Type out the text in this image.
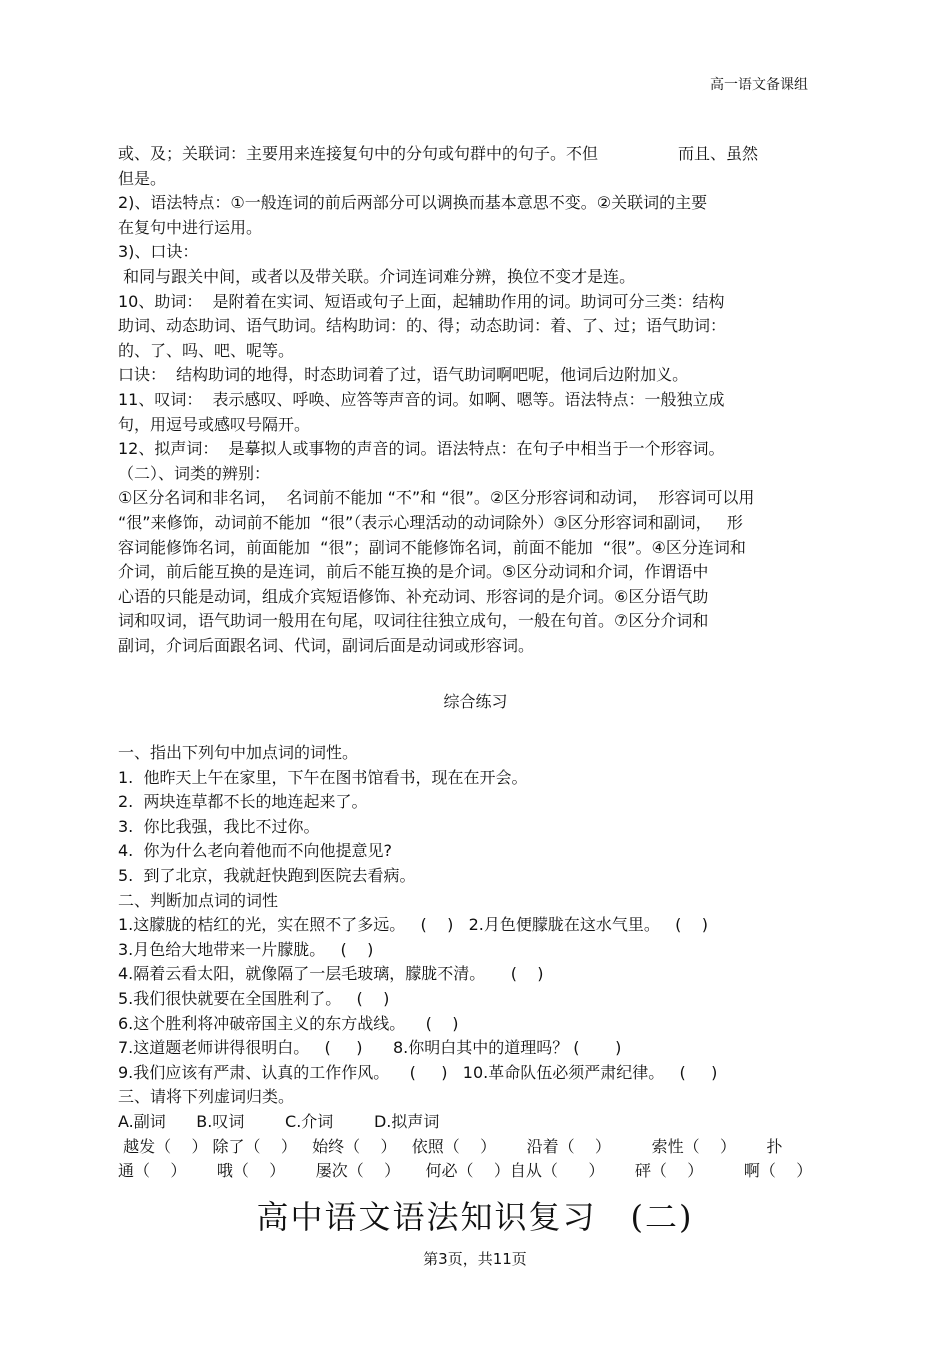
高一语文备课组

或、及；关联词：主要用来连接复句中的分句或句群中的句子。不但　　　　　而且、虽然

但是。

2)、语法特点：①一般连词的前后两部分可以调换而基本意思不变。②关联词的主要

在复句中进行运用。

3)、口诀：

和同与跟关中间，或者以及带关联。介词连词难分辨，换位不变才是连。

10、助词：  是附着在实词、短语或句子上面，起辅助作用的词。助词可分三类：结构

助词、动态助词、语气助词。结构助词：的、得；动态助词：着、了、过；语气助词：

的、了、吗、吧、呢等。

口诀：  结构助词的地得，时态助词着了过，语气助词啊吧呢，他词后边附加义。

11、叹词：  表示感叹、呼唤、应答等声音的词。如啊、嗯等。语法特点：一般独立成

句，用逗号或感叹号隔开。

12、拟声词：  是摹拟人或事物的声音的词。语法特点：在句子中相当于一个形容词。

（二）、词类的辨别：

①区分名词和非名词，  名词前不能加 “不”和 “很”。②区分形容词和动词，  形容词可以用

“很”来修饰，动词前不能加  “很”（表示心理活动的动词除外）③区分形容词和副词，   形

容词能修饰名词，前面能加  “很”；副词不能修饰名词，前面不能加  “很”。④区分连词和

介词，前后能互换的是连词，前后不能互换的是介词。⑤区分动词和介词，作谓语中

心语的只能是动词，组成介宾短语修饰、补充动词、形容词的是介词。⑥区分语气助

词和叹词，语气助词一般用在句尾，叹词往往独立成句，一般在句首。⑦区分介词和

副词，介词后面跟名词、代词，副词后面是动词或形容词。

综合练习

一、指出下列句中加点词的词性。

1.  他昨天上午在家里，下午在图书馆看书，现在在开会。

2.  两块连草都不长的地连起来了。

3.  你比我强，我比不过你。

4.  你为什么老向着他而不向他提意见?

5.  到了北京，我就赶快跑到医院去看病。

二、判断加点词的词性

1.这朦胧的桔红的光，实在照不了多远。   (    )   2.月色便朦胧在这水气里。   (    )

3.月色给大地带来一片朦胧。   (    )

4.隔着云看太阳，就像隔了一层毛玻璃，朦胧不清。     (    )

5.我们很快就要在全国胜利了。   (    )

6.这个胜利将冲破帝国主义的东方战线。    (    )

7.这道题老师讲得很明白。   (     )      8.你明白其中的道理吗？ (       )

9.我们应该有严肃、认真的工作作风。    (     )   10.革命队伍必须严肃纪律。   (     )

三、请将下列虚词归类。

A.副词      B.叹词        C.介词        D.拟声词

越发（    ） 除了（    ）   始终（    ）   依照（    ）      沿着（    ）        索性（    ）      扑

通（    ）      哦（    ）      屡次（    ）     何必（    ）自从（      ）      砰（    ）        啊（    ）

高中语文语法知识复习　(二)
第3页，共11页
